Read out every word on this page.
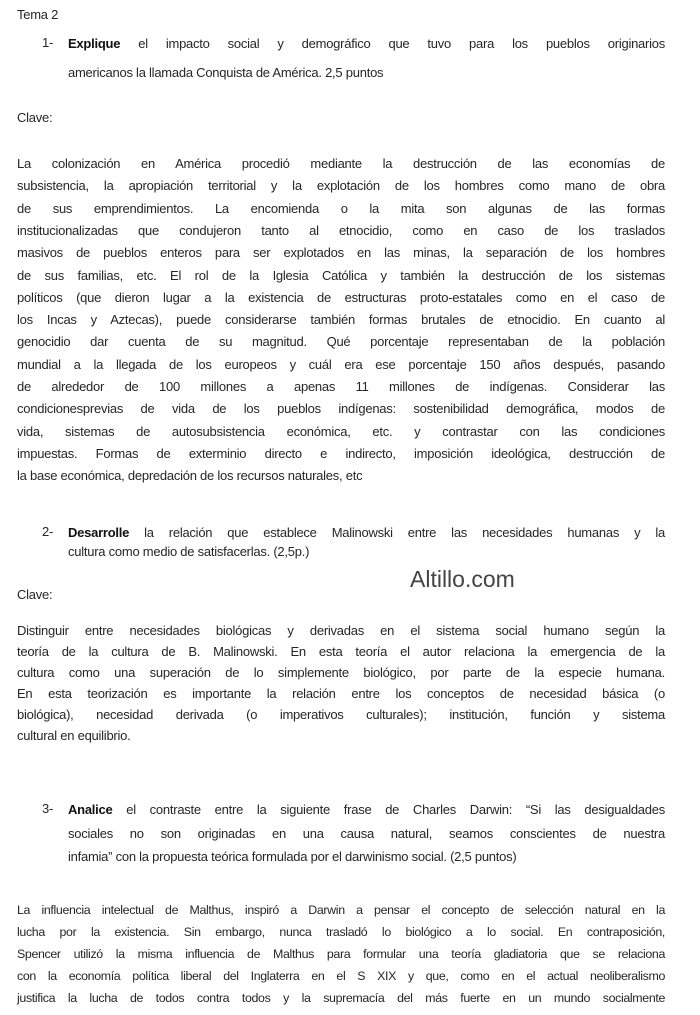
Tema 2
1- Explique el impacto social y demográfico que tuvo para los pueblos originarios
americanos la llamada Conquista de América. 2,5 puntos
Clave:
La colonización en América procedió mediante la destrucción de las economías de
subsistencia, la apropiación territorial y la explotación de los hombres como mano de obra
de sus emprendimientos. La encomienda o la mita son algunas de las formas
institucionalizadas que condujeron tanto al etnocidio, como en caso de los traslados
masivos de pueblos enteros para ser explotados en las minas, la separación de los hombres
de sus familias, etc. El rol de la Iglesia Católica y también la destrucción de los sistemas
políticos (que dieron lugar a la existencia de estructuras proto-estatales como en el caso de
los Incas y Aztecas), puede considerarse también formas brutales de etnocidio. En cuanto al
genocidio dar cuenta de su magnitud. Qué porcentaje representaban de la población
mundial a la llegada de los europeos y cuál era ese porcentaje 150 años después, pasando
de alrededor de 100 millones a apenas 11 millones de indígenas. Considerar las
condicionesprevias de vida de los pueblos indígenas: sostenibilidad demográfica, modos de
vida, sistemas de autosubsistencia económica, etc. y contrastar con las condiciones
impuestas. Formas de exterminio directo e indirecto, imposición ideológica, destrucción de
la base económica, depredación de los recursos naturales, etc
2- Desarrolle la relación que establece Malinowski entre las necesidades humanas y la
cultura como medio de satisfacerlas. (2,5p.)
Altillo.com
Clave:
Distinguir entre necesidades biológicas y derivadas en el sistema social humano según la
teoría de la cultura de B. Malinowski. En esta teoría el autor relaciona la emergencia de la
cultura como una superación de lo simplemente biológico, por parte de la especie humana.
En esta teorización es importante la relación entre los conceptos de necesidad básica (o
biológica), necesidad derivada (o imperativos culturales); institución, función y sistema
cultural en equilibrio.
3- Analice el contraste entre la siguiente frase de Charles Darwin: “Si las desigualdades
sociales no son originadas en una causa natural, seamos conscientes de nuestra
infamia” con la propuesta teórica formulada por el darwinismo social. (2,5 puntos)
La influencia intelectual de Malthus, inspiró a Darwin a pensar el concepto de selección natural en la
lucha por la existencia. Sin embargo, nunca trasladó lo biológico a lo social. En contraposición,
Spencer utilizó la misma influencia de Malthus para formular una teoría gladiatoria que se relaciona
con la economía política liberal del Inglaterra en el S XIX y que, como en el actual neoliberalismo
justifica la lucha de todos contra todos y la supremacía del más fuerte en un mundo socialmente
